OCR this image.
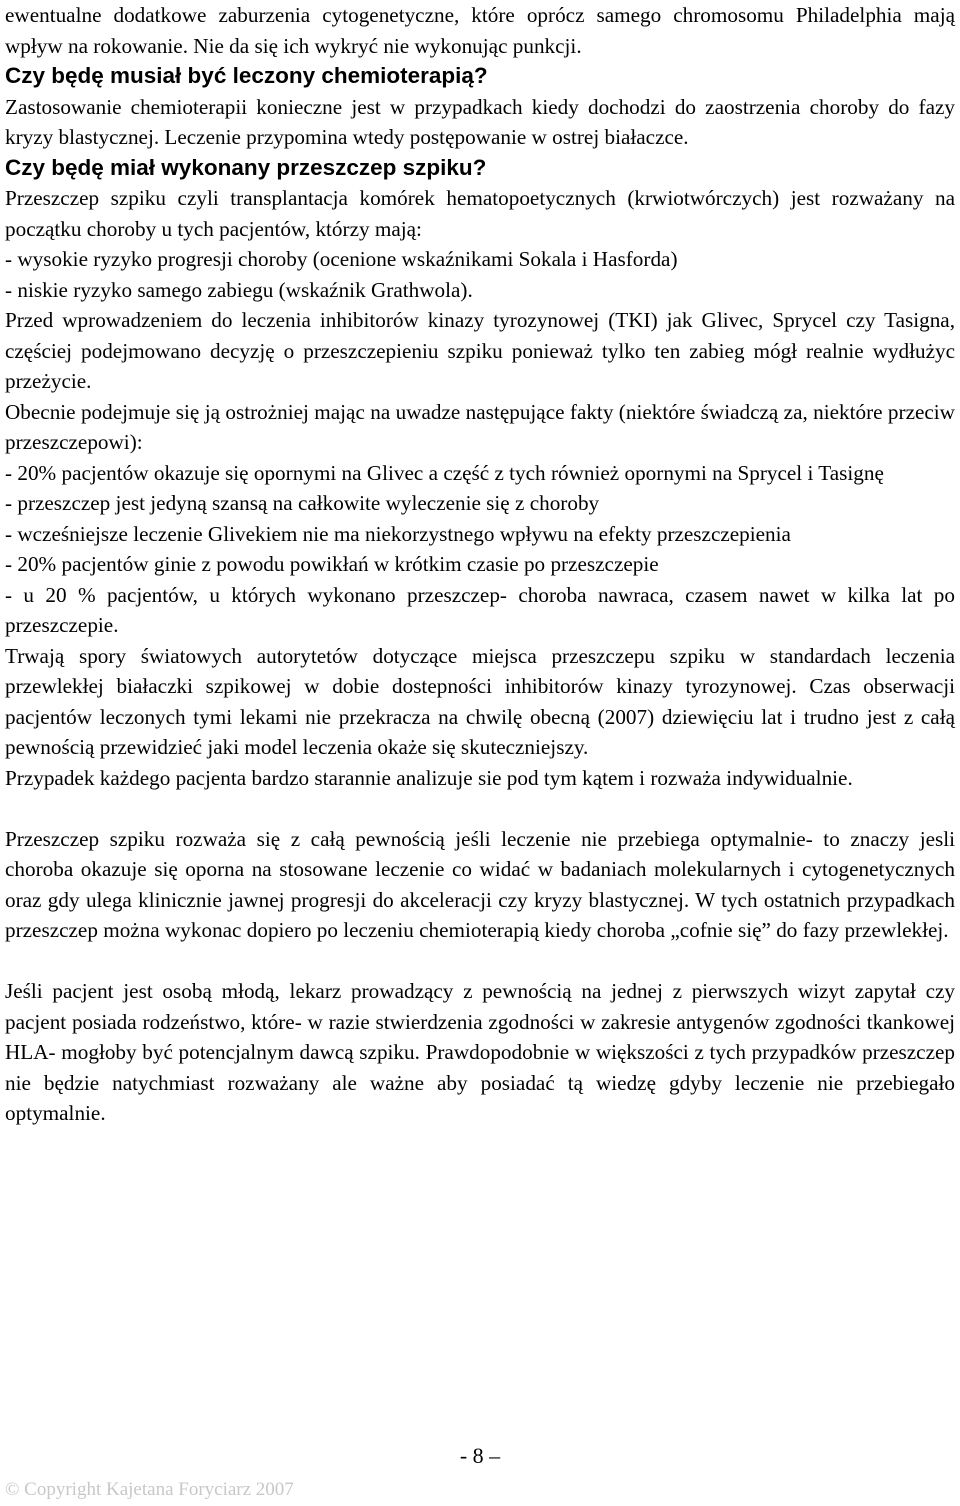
ewentualne dodatkowe zaburzenia cytogenetyczne, które oprócz samego chromosomu Philadelphia mają wpływ na rokowanie. Nie da się ich wykryć nie wykonując punkcji.

Czy będę musiał być leczony chemioterapią?

Zastosowanie chemioterapii konieczne jest w przypadkach kiedy dochodzi do zaostrzenia choroby do fazy kryzy blastycznej. Leczenie przypomina wtedy postępowanie w ostrej białaczce.

Czy będę miał wykonany przeszczep szpiku?

Przeszczep szpiku czyli transplantacja komórek hematopoetycznych (krwiotwórczych) jest rozważany na początku choroby u tych pacjentów, którzy mają:

- wysokie ryzyko progresji choroby (ocenione wskaźnikami Sokala i Hasforda)

- niskie ryzyko samego zabiegu (wskaźnik Grathwola).

Przed wprowadzeniem do leczenia inhibitorów kinazy tyrozynowej (TKI) jak Glivec, Sprycel czy Tasigna, częściej podejmowano decyzję o przeszczepieniu szpiku ponieważ tylko ten zabieg mógł realnie wydłużyc przeżycie.

Obecnie podejmuje się ją ostrożniej mając na uwadze następujące fakty (niektóre świadczą za, niektóre przeciw przeszczepowi):

- 20% pacjentów okazuje się opornymi na Glivec a część z tych również opornymi na Sprycel i Tasignę

- przeszczep jest jedyną szansą na całkowite wyleczenie się z choroby

- wcześniejsze leczenie Glivekiem nie ma niekorzystnego wpływu na efekty przeszczepienia

- 20% pacjentów ginie z powodu powikłań w krótkim czasie po przeszczepie

- u 20 % pacjentów, u których wykonano przeszczep- choroba nawraca, czasem nawet w kilka lat po przeszczepie.

Trwają spory światowych autorytetów dotyczące miejsca przeszczepu szpiku w standardach leczenia przewlekłej białaczki szpikowej w dobie dostepności inhibitorów kinazy tyrozynowej. Czas obserwacji pacjentów leczonych tymi lekami nie przekracza na chwilę obecną (2007) dziewięciu lat i trudno jest z całą pewnością przewidzieć jaki model leczenia okaże się skuteczniejszy.

Przypadek każdego pacjenta bardzo starannie analizuje sie pod tym kątem i rozważa indywidualnie.

Przeszczep szpiku rozważa się z całą pewnością jeśli leczenie nie przebiega optymalnie- to znaczy jesli choroba okazuje się oporna na stosowane leczenie co widać w badaniach molekularnych i cytogenetycznych oraz gdy ulega klinicznie jawnej progresji do akceleracji czy kryzy blastycznej. W tych ostatnich przypadkach przeszczep można wykonac dopiero po leczeniu chemioterapią kiedy choroba „cofnie się” do fazy przewlekłej.

Jeśli pacjent jest osobą młodą, lekarz prowadzący z pewnością na jednej z pierwszych wizyt zapytał czy pacjent posiada rodzeństwo, które- w razie stwierdzenia zgodności w zakresie antygenów zgodności tkankowej HLA- mogłoby być potencjalnym dawcą szpiku. Prawdopodobnie w większości z tych przypadków przeszczep nie będzie natychmiast rozważany ale ważne aby posiadać tą wiedzę gdyby leczenie nie przebiegało optymalnie.

- 8 –
© Copyright Kajetana Foryciarz 2007
